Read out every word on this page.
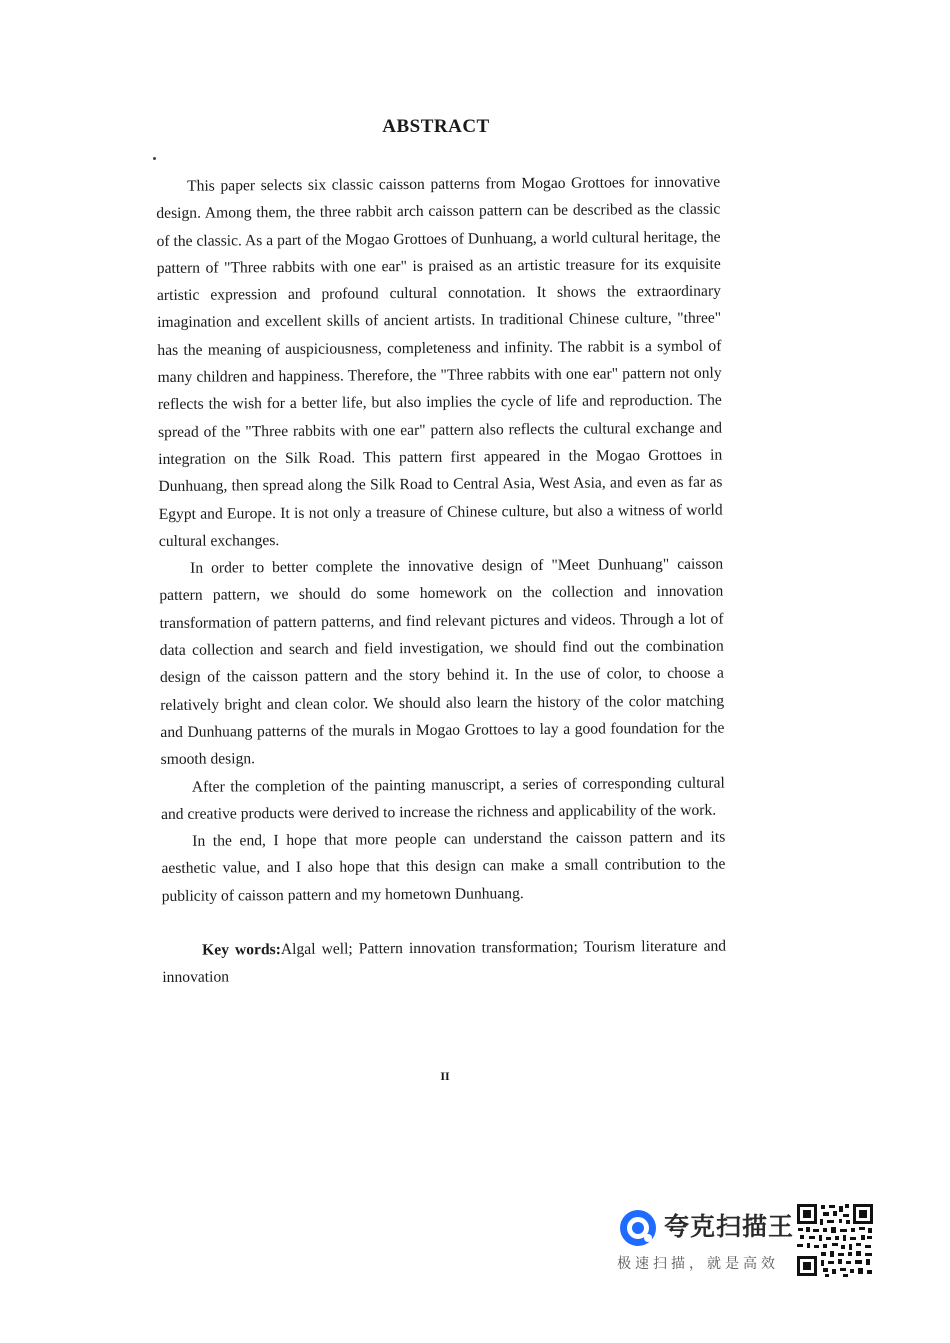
ABSTRACT

This paper selects six classic caisson patterns from Mogao Grottoes for innovative design. Among them, the three rabbit arch caisson pattern can be described as the classic of the classic. As a part of the Mogao Grottoes of Dunhuang, a world cultural heritage, the pattern of "Three rabbits with one ear" is praised as an artistic treasure for its exquisite artistic expression and profound cultural connotation. It shows the extraordinary imagination and excellent skills of ancient artists. In traditional Chinese culture, "three" has the meaning of auspiciousness, completeness and infinity. The rabbit is a symbol of many children and happiness. Therefore, the "Three rabbits with one ear" pattern not only reflects the wish for a better life, but also implies the cycle of life and reproduction. The spread of the "Three rabbits with one ear" pattern also reflects the cultural exchange and integration on the Silk Road. This pattern first appeared in the Mogao Grottoes in Dunhuang, then spread along the Silk Road to Central Asia, West Asia, and even as far as Egypt and Europe. It is not only a treasure of Chinese culture, but also a witness of world cultural exchanges.

In order to better complete the innovative design of "Meet Dunhuang" caisson pattern pattern, we should do some homework on the collection and innovation transformation of pattern patterns, and find relevant pictures and videos. Through a lot of data collection and search and field investigation, we should find out the combination design of the caisson pattern and the story behind it. In the use of color, to choose a relatively bright and clean color. We should also learn the history of the color matching and Dunhuang patterns of the murals in Mogao Grottoes to lay a good foundation for the smooth design.

After the completion of the painting manuscript, a series of corresponding cultural and creative products were derived to increase the richness and applicability of the work.

In the end, I hope that more people can understand the caisson pattern and its aesthetic value, and I also hope that this design can make a small contribution to the publicity of caisson pattern and my hometown Dunhuang.

Key words:Algal well; Pattern innovation transformation; Tourism literature and innovation

II
夸克扫描王
极速扫描，就是高效
